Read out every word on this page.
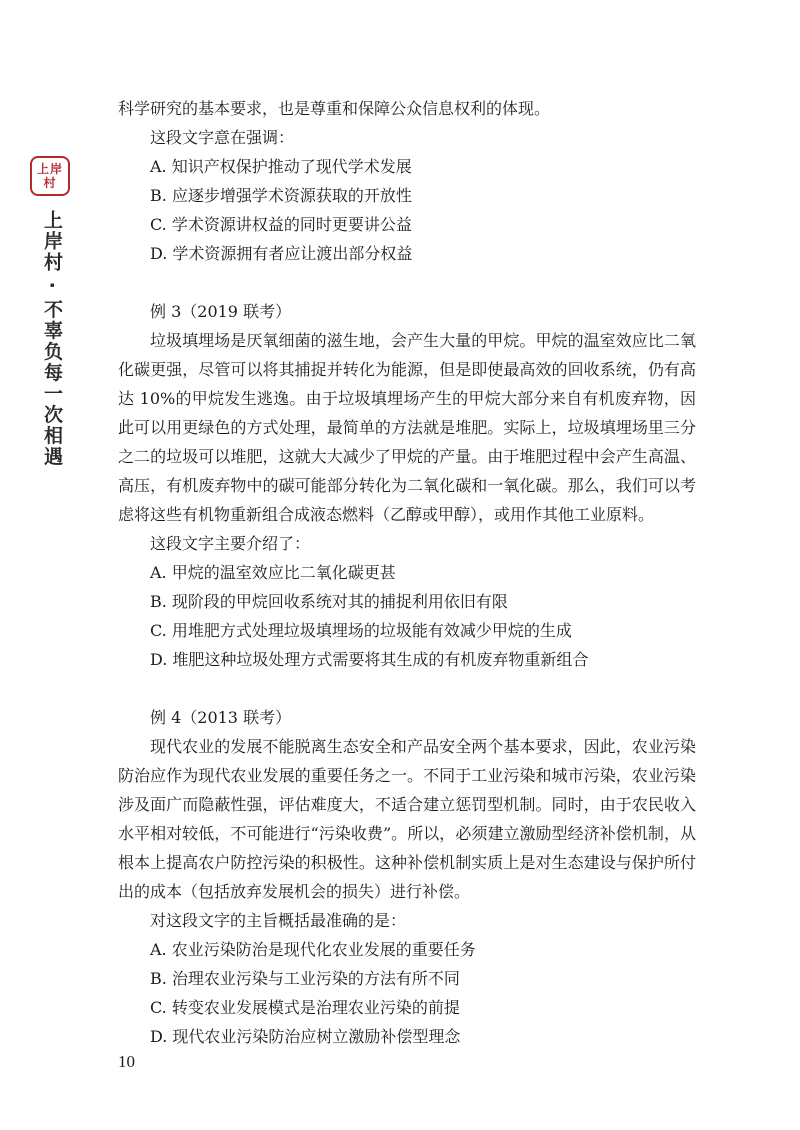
上岸
村
上岸村 · 不辜负每一次相遇

科学研究的基本要求，也是尊重和保障公众信息权利的体现。

这段文字意在强调：

A. 知识产权保护推动了现代学术发展

B. 应逐步增强学术资源获取的开放性

C. 学术资源讲权益的同时更要讲公益

D. 学术资源拥有者应让渡出部分权益

例 3（2019 联考）

垃圾填埋场是厌氧细菌的滋生地，会产生大量的甲烷。甲烷的温室效应比二氧化碳更强，尽管可以将其捕捉并转化为能源，但是即使最高效的回收系统，仍有高达 10%的甲烷发生逃逸。由于垃圾填埋场产生的甲烷大部分来自有机废弃物，因此可以用更绿色的方式处理，最简单的方法就是堆肥。实际上，垃圾填埋场里三分之二的垃圾可以堆肥，这就大大减少了甲烷的产量。由于堆肥过程中会产生高温、高压，有机废弃物中的碳可能部分转化为二氧化碳和一氧化碳。那么，我们可以考虑将这些有机物重新组合成液态燃料（乙醇或甲醇），或用作其他工业原料。

这段文字主要介绍了：

A. 甲烷的温室效应比二氧化碳更甚

B. 现阶段的甲烷回收系统对其的捕捉利用依旧有限

C. 用堆肥方式处理垃圾填埋场的垃圾能有效减少甲烷的生成

D. 堆肥这种垃圾处理方式需要将其生成的有机废弃物重新组合

例 4（2013 联考）

现代农业的发展不能脱离生态安全和产品安全两个基本要求，因此，农业污染防治应作为现代农业发展的重要任务之一。不同于工业污染和城市污染，农业污染涉及面广而隐蔽性强，评估难度大，不适合建立惩罚型机制。同时，由于农民收入水平相对较低，不可能进行“污染收费”。所以，必须建立激励型经济补偿机制，从根本上提高农户防控污染的积极性。这种补偿机制实质上是对生态建设与保护所付出的成本（包括放弃发展机会的损失）进行补偿。

对这段文字的主旨概括最准确的是：

A. 农业污染防治是现代化农业发展的重要任务

B. 治理农业污染与工业污染的方法有所不同

C. 转变农业发展模式是治理农业污染的前提

D. 现代农业污染防治应树立激励补偿型理念

10
